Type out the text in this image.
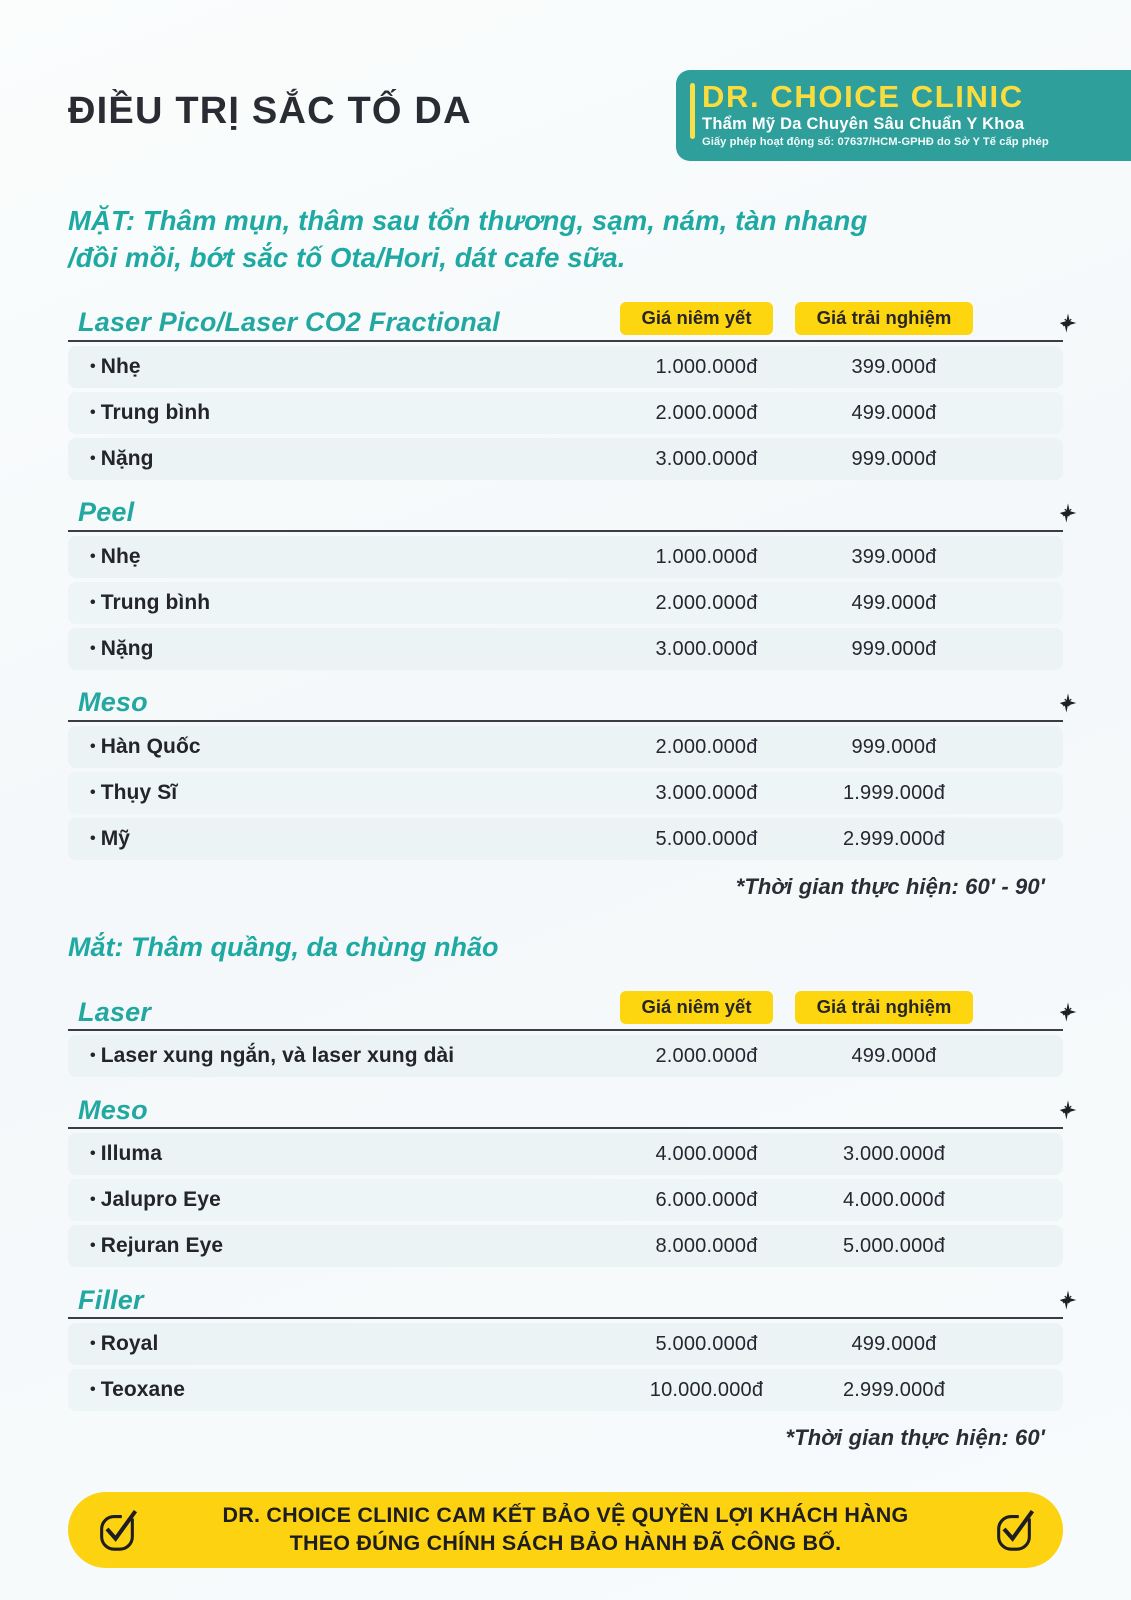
ĐIỀU TRỊ SẮC TỐ DA	DR. CHOICE CLINIC
Thẩm Mỹ Da Chuyên Sâu Chuẩn Y Khoa
Giấy phép hoạt động số: 07637/HCM-GPHĐ do Sở Y Tế cấp phép
MẶT: Thâm mụn, thâm sau tổn thương, sạm, nám, tàn nhang
/đồi mồi, bớt sắc tố Ota/Hori, dát cafe sữa.
Laser Pico/Laser CO2 Fractional	Giá niêm yết	Giá trải nghiệm
• Nhẹ	1.000.000đ	399.000đ
• Trung bình	2.000.000đ	499.000đ
• Nặng	3.000.000đ	999.000đ
Peel
• Nhẹ	1.000.000đ	399.000đ
• Trung bình	2.000.000đ	499.000đ
• Nặng	3.000.000đ	999.000đ
Meso
• Hàn Quốc	2.000.000đ	999.000đ
• Thụy Sĩ	3.000.000đ	1.999.000đ
• Mỹ	5.000.000đ	2.999.000đ
*Thời gian thực hiện: 60' - 90'
Mắt: Thâm quầng, da chùng nhão
Laser	Giá niêm yết	Giá trải nghiệm
• Laser xung ngắn, và laser xung dài	2.000.000đ	499.000đ
Meso
• Illuma	4.000.000đ	3.000.000đ
• Jalupro Eye	6.000.000đ	4.000.000đ
• Rejuran Eye	8.000.000đ	5.000.000đ
Filler
• Royal	5.000.000đ	499.000đ
• Teoxane	10.000.000đ	2.999.000đ
*Thời gian thực hiện: 60'
DR. CHOICE CLINIC CAM KẾT BẢO VỆ QUYỀN LỢI KHÁCH HÀNG
THEO ĐÚNG CHÍNH SÁCH BẢO HÀNH ĐÃ CÔNG BỐ.
